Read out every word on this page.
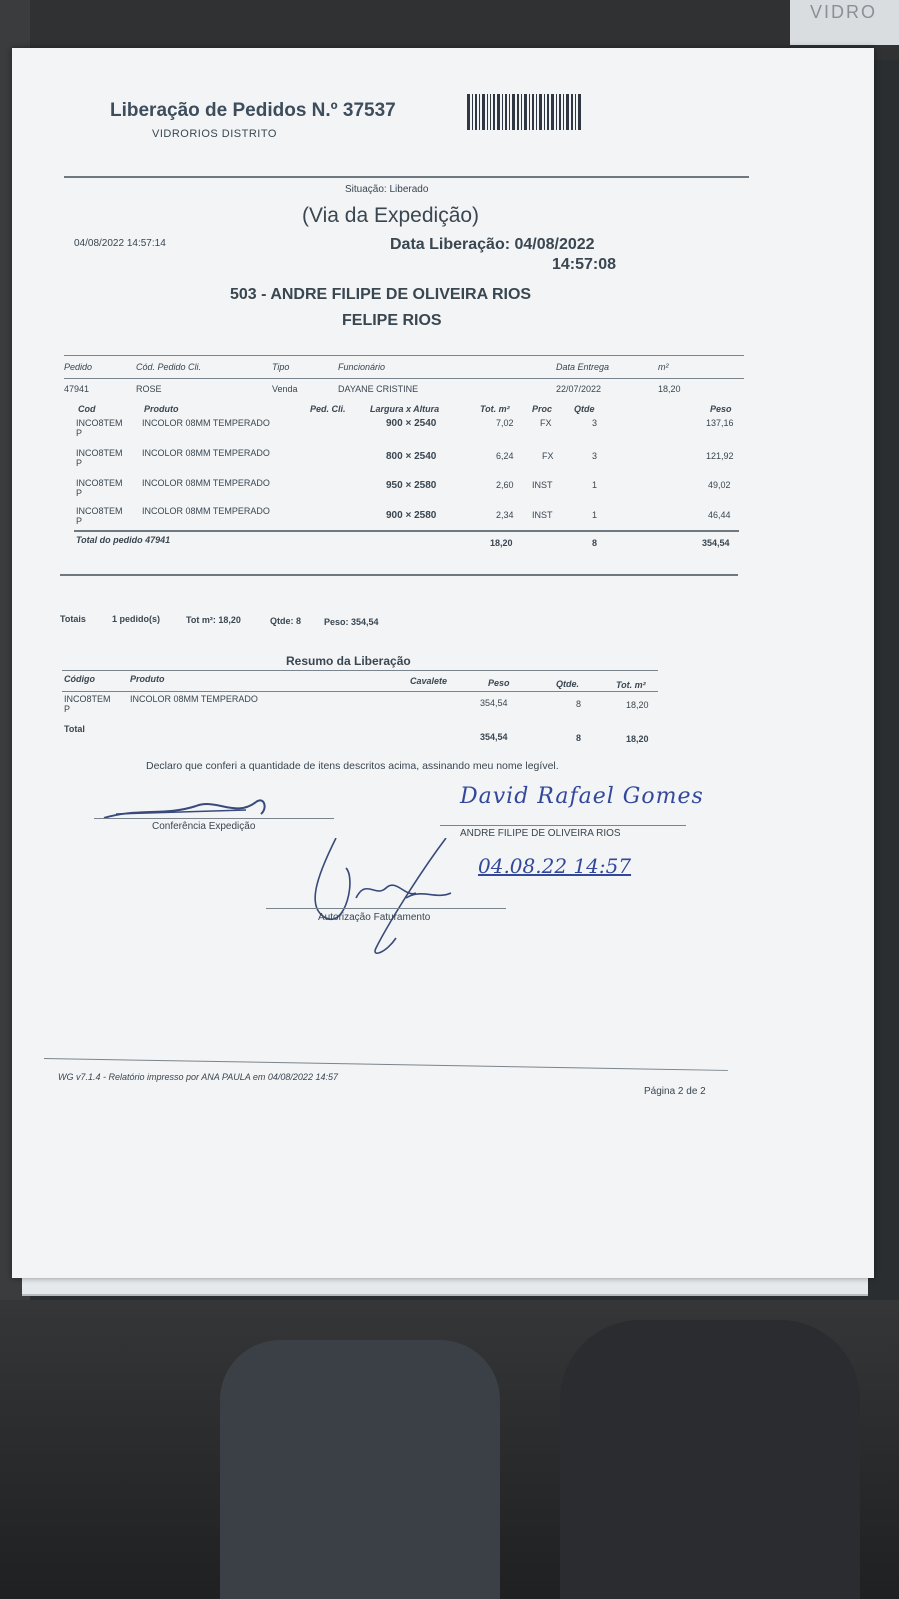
VIDRO
Liberação de Pedidos N.º 37537
VIDRORIOS DISTRITO
Situação: Liberado
(Via da Expedição)
04/08/2022 14:57:14	Data Liberação: 04/08/2022
14:57:08
503 - ANDRE FILIPE DE OLIVEIRA RIOS
FELIPE RIOS
Pedido	Cód. Pedido Cli.	Tipo	Funcionário	Data Entrega	m²
47941	ROSE	Venda	DAYANE CRISTINE	22/07/2022	18,20
Cod	Produto	Ped. Cli.	Largura x Altura	Tot. m² Proc Qtde	Peso
INCO8TEM
P
INCOLOR 08MM TEMPERADO	900 × 2540	7,02	FX	3	137,16
INCO8TEM
P
INCOLOR 08MM TEMPERADO	800 × 2540	6,24	FX	3	121,92
INCO8TEM
P
INCOLOR 08MM TEMPERADO	950 × 2580	2,60 INST	1	49,02
INCO8TEM
P
INCOLOR 08MM TEMPERADO	900 × 2580	2,34 INST	1	46,44
Total do pedido 47941	18,20	8	354,54
Totais	1 pedido(s)	Tot m²: 18,20	Qtde: 8	Peso: 354,54
Resumo da Liberação
Código	Produto	Cavalete	Peso	Qtde.	Tot. m²
INCO8TEM
P
INCOLOR 08MM TEMPERADO	354,54	8	18,20
Total
354,54	8	18,20
Declaro que conferi a quantidade de itens descritos acima, assinando meu nome legível.
Conferência Expedição
David Rafael Gomes
ANDRE FILIPE DE OLIVEIRA RIOS
04.08.22 14:57
Autorização Faturamento
WG v7.1.4 - Relatório impresso por ANA PAULA em 04/08/2022 14:57
Página 2 de 2
